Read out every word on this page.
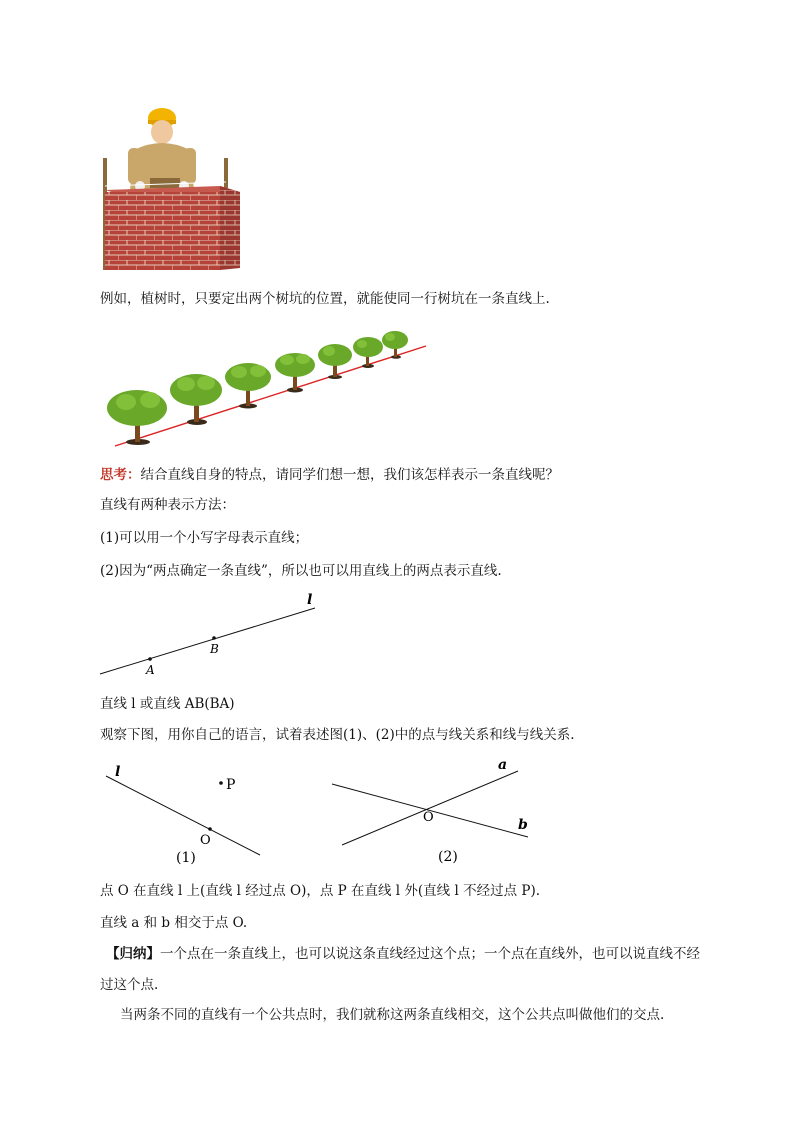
例如，植树时，只要定出两个树坑的位置，就能使同一行树坑在一条直线上.
思考：结合直线自身的特点，请同学们想一想，我们该怎样表示一条直线呢？
直线有两种表示方法：
(1)可以用一个小写字母表示直线；
(2)因为“两点确定一条直线”，所以也可以用直线上的两点表示直线.
l
A
B
直线 l 或直线 AB(BA)
观察下图，用你自己的语言，试着表述图(1)、(2)中的点与线关系和线与线关系.
l
P
O
(1)
a
b
O
(2)
点 O 在直线 l 上(直线 l 经过点 O)，点 P 在直线 l 外(直线 l 不经过点 P).
直线 a 和 b 相交于点 O.
【归纳】一个点在一条直线上，也可以说这条直线经过这个点；一个点在直线外，也可以说直线不经
过这个点.
当两条不同的直线有一个公共点时，我们就称这两条直线相交，这个公共点叫做他们的交点.
